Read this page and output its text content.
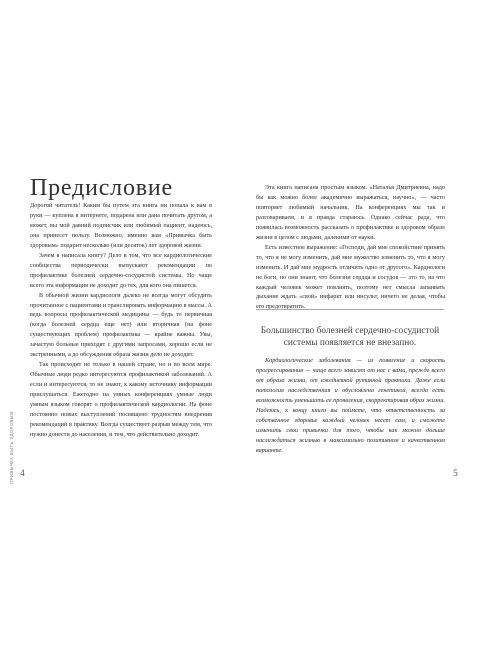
Предисловие

Дорогой читатель! Каким бы путем эта книга ни попала к вам в руки — куплена в интернете, подарена или дана почитать другом, а может, вы мой давний подписчик или любимый пациент, надеюсь, она принесет пользу. Возможно, именно вам «Привычка быть здоровым» подарит несколько (или десяток) лет здоровой жизни.

Зачем я написала книгу? Дело в том, что все кардиологические сообщества периодически выпускают рекомендации по профилактике болезней сердечно-сосудистой системы. Но чаще всего эта информация не доходит до тех, для кого она пишется.

В обычной жизни кардиологи далеко не всегда могут обсудить прочитанное с пациентами и транслировать информацию в массы. А ведь вопросы профилактической медицины — будь то первичная (когда болезней сердца еще нет) или вторичная (на фоне существующих проблем) профилактика — крайне важны. Увы, зачастую больные приходят с другими запросами, хорошо если не экстренными, а до обсуждения образа жизни дело не доходит.

Так происходит не только в нашей стране, но и во всем мире. Обычные люди редко интересуются профилактикой заболеваний. А если и интересуются, то не знают, к какому источнику информации прислушаться. Ежегодно на умных конференциях умные люди умным языком говорят о профилактической кардиологии. На фоне постоянно новых выступлений посвящено трудностям внедрения рекомендаций в практику. Всегда существует разрыв между тем, что нужно донести до населения, и тем, что действительно доходит.

ПРИВЫЧКА БЫТЬ ЗДОРОВЫМ 4

Эта книга написана простым языком. «Наталья Дмитриевна, надо бы как можно более академично выражаться, научно», — часто повторяет любимый начальник. На конференциях мы так и разговариваем, и я правда стараюсь. Однако сейчас рада, что появилась возможность рассказать о профилактике и здоровом образе жизни в целом с людьми, далекими от науки.

Есть известное выражение: «Господи, дай мне спокойствие принять то, что я не могу изменить, дай мне мужество изменить то, что я могу изменить. И дай мне мудрость отличить одно от другого». Кардиологи не боги, но они знают, что болезни сердца и сосудов — это то, на что каждый человек может повлиять, поэтому нет смысла запаивать дыхание ждать «свой» инфаркт или инсульт, ничего не делая, чтобы его предотвратить.

Большинство болезней сердечно-сосудистой системы появляется не внезапно.

Кардиологические заболевания — из появление и скорость прогрессирования — чаще всего зависят от нас с вами, прежде всего от образа жизни, от ежедневной рутинной практики. Даже если патология наследственная и обусловлена генетикой, всегда есть возможность уменьшить ее проявления, скорректировав образ жизни. Надеюсь, к концу книги вы поймете, что ответственность за собственное здоровье каждый человек несет сам, и сможете изменить свои привычки для того, чтобы как можно дольше наслаждаться жизнью в максимально позитивном и качественном варианте.

5
